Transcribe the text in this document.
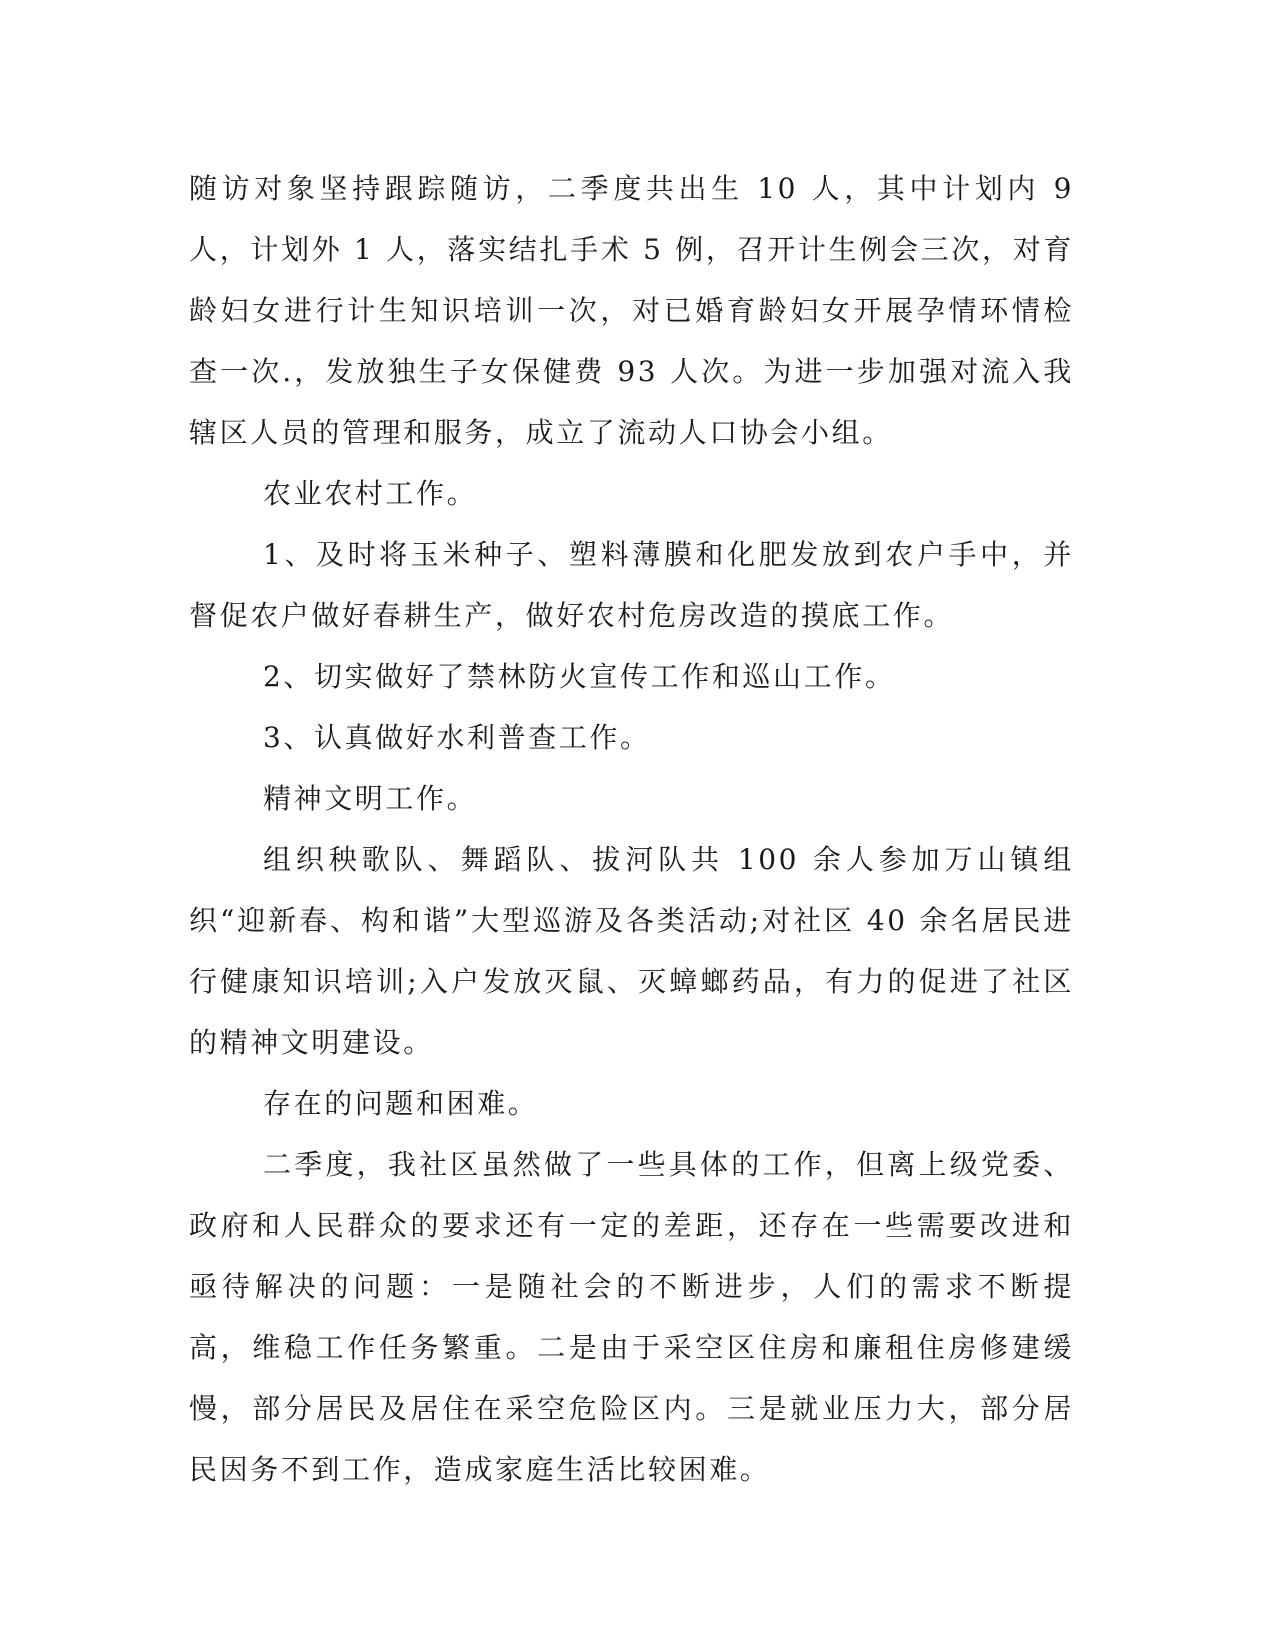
随访对象坚持跟踪随访，二季度共出生 10 人，其中计划内 9 人，计划外 1 人，落实结扎手术 5 例，召开计生例会三次，对育龄妇女进行计生知识培训一次，对已婚育龄妇女开展孕情环情检查一次.，发放独生子女保健费 93 人次。为进一步加强对流入我辖区人员的管理和服务，成立了流动人口协会小组。

农业农村工作。

1、及时将玉米种子、塑料薄膜和化肥发放到农户手中，并督促农户做好春耕生产，做好农村危房改造的摸底工作。

2、切实做好了禁林防火宣传工作和巡山工作。

3、认真做好水利普查工作。

精神文明工作。

组织秧歌队、舞蹈队、拔河队共 100 余人参加万山镇组织“迎新春、构和谐”大型巡游及各类活动;对社区 40 余名居民进行健康知识培训;入户发放灭鼠、灭蟑螂药品，有力的促进了社区的精神文明建设。

存在的问题和困难。

二季度，我社区虽然做了一些具体的工作，但离上级党委、政府和人民群众的要求还有一定的差距，还存在一些需要改进和亟待解决的问题：一是随社会的不断进步，人们的需求不断提高，维稳工作任务繁重。二是由于采空区住房和廉租住房修建缓慢，部分居民及居住在采空危险区内。三是就业压力大，部分居民因务不到工作，造成家庭生活比较困难。
